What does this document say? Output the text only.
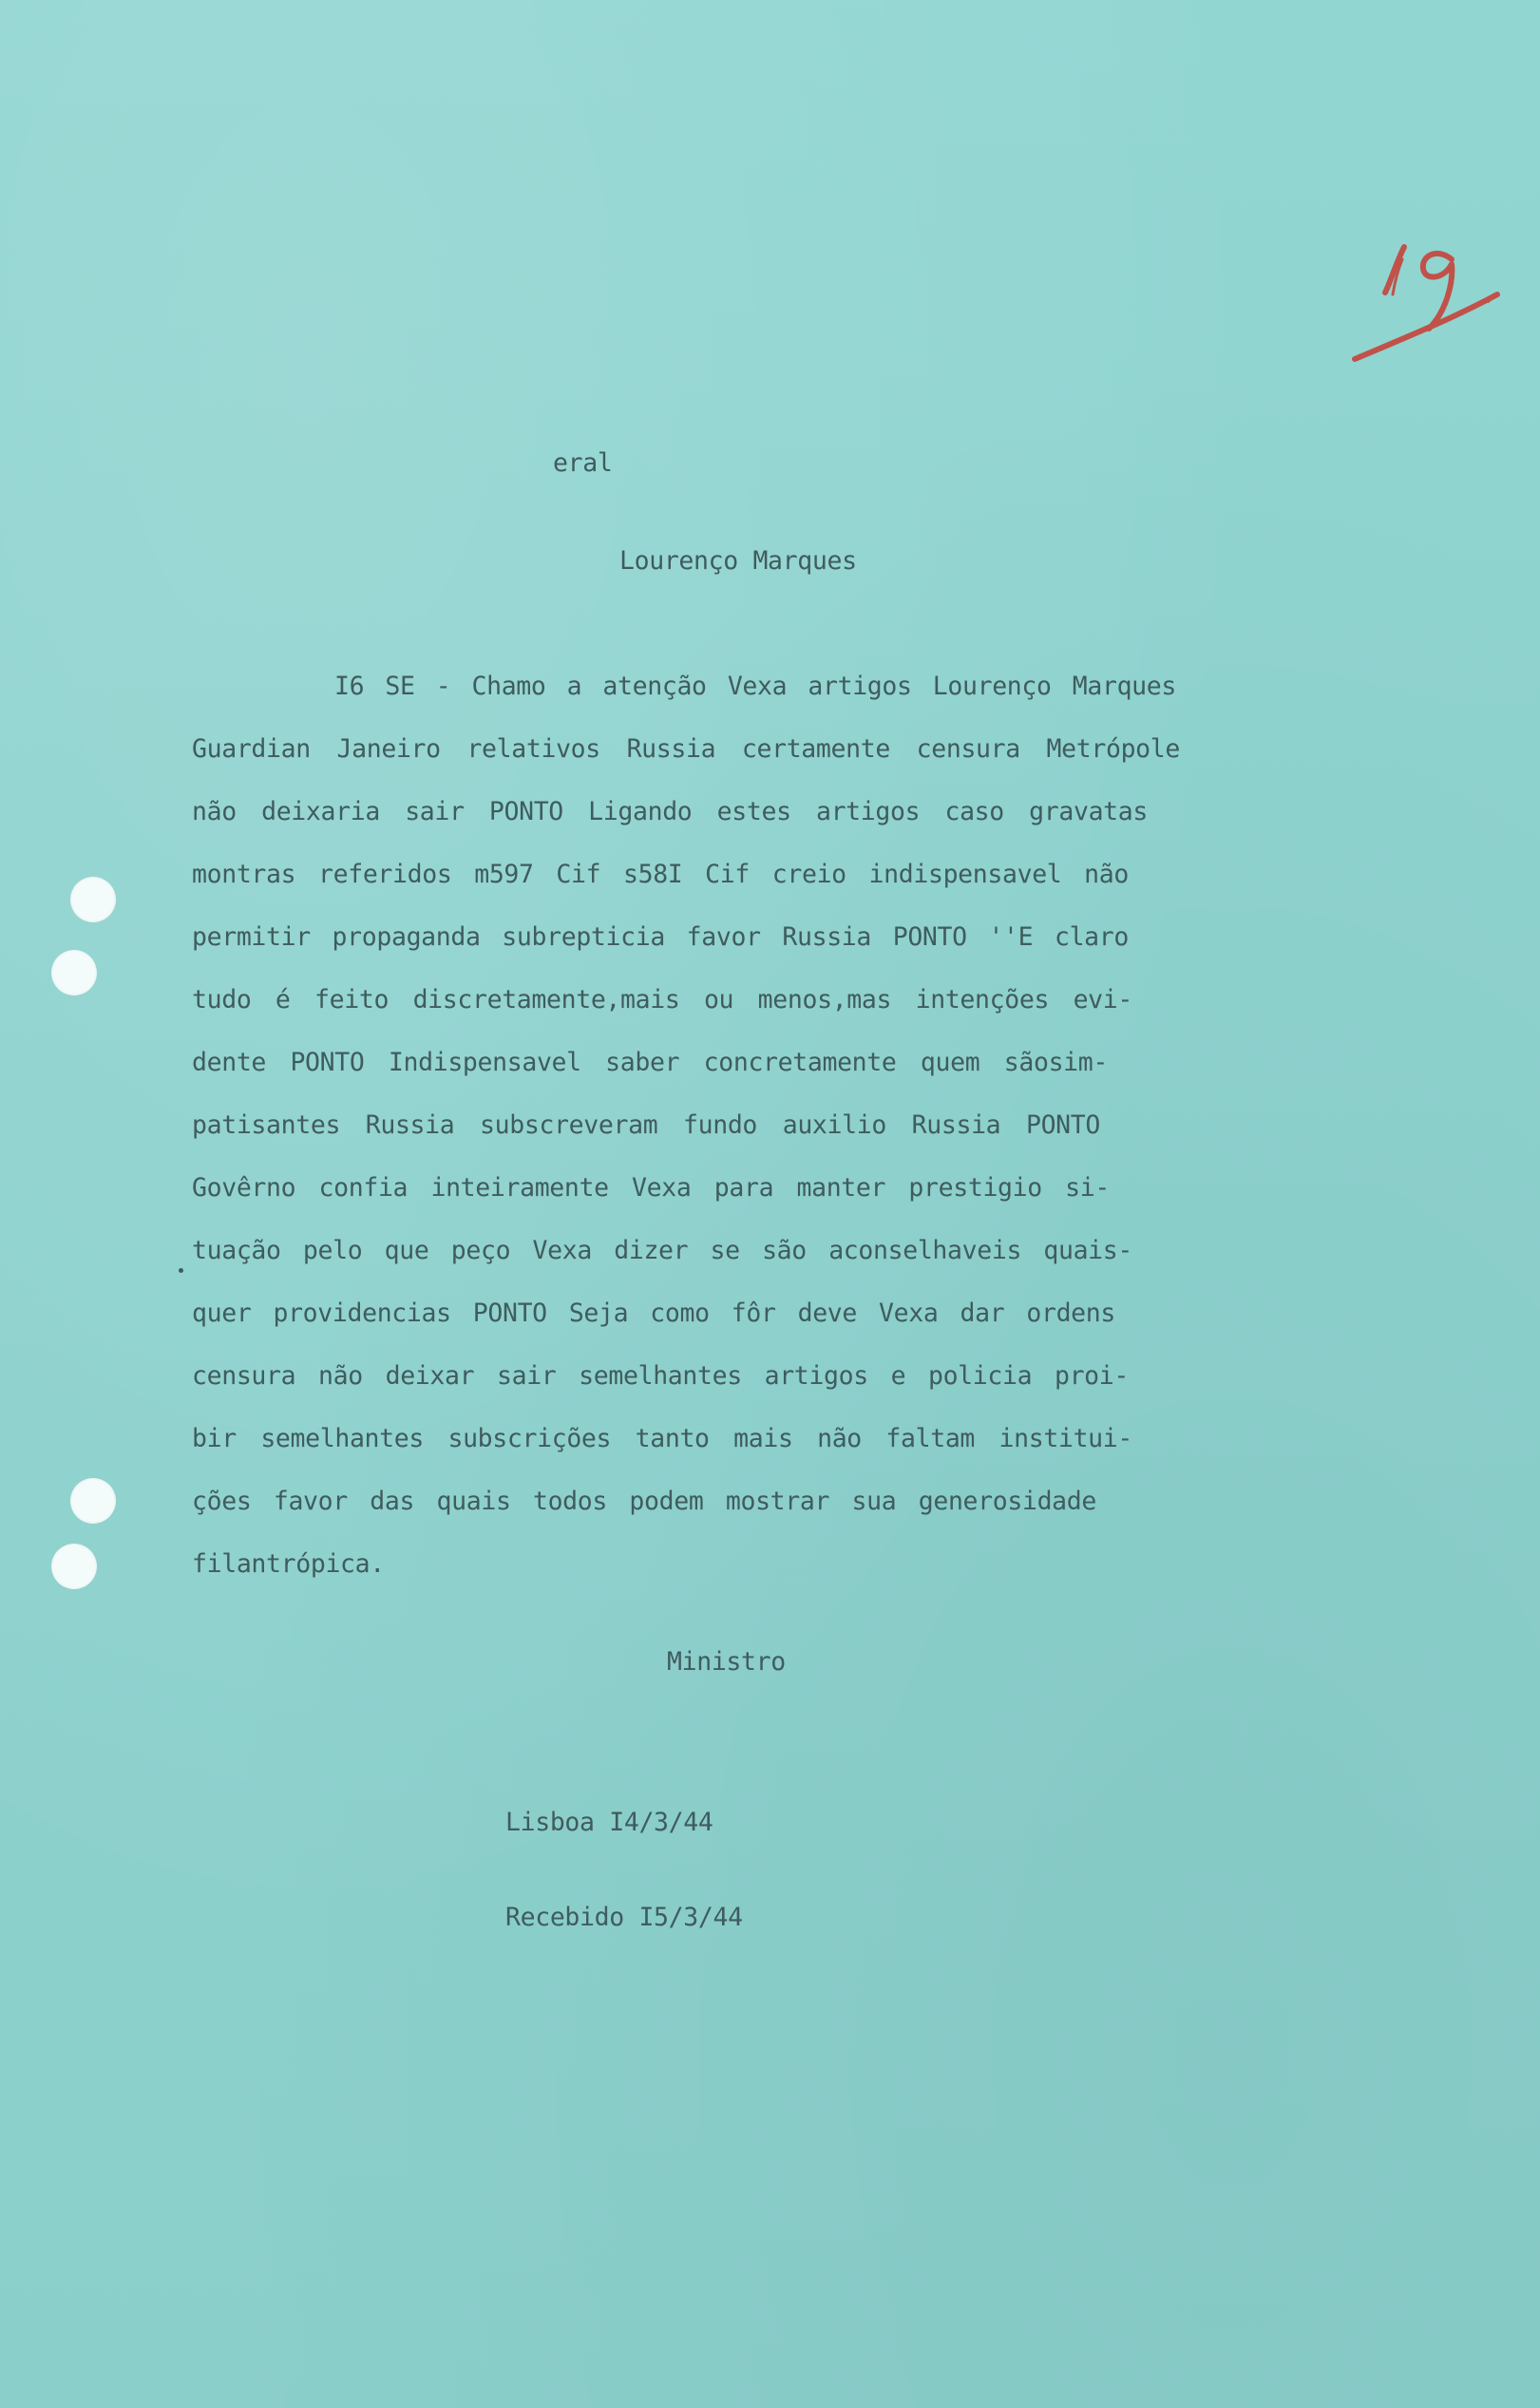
eral
Lourenço Marques
I6 SE - Chamo a atenção Vexa artigos Lourenço Marques
Guardian Janeiro relativos Russia certamente censura Metrópole
não deixaria sair PONTO Ligando estes artigos caso gravatas
montras referidos m597 Cif s58I Cif creio indispensavel não
permitir propaganda subrepticia favor Russia PONTO ''E claro
tudo é feito discretamente,mais ou menos,mas intenções evi-
dente PONTO Indispensavel saber concretamente quem sãosim-
patisantes Russia subscreveram fundo auxilio Russia PONTO
Govêrno confia inteiramente Vexa para manter prestigio si-
tuação pelo que peço Vexa dizer se são aconselhaveis quais-
quer providencias PONTO Seja como fôr deve Vexa dar ordens
censura não deixar sair semelhantes artigos e policia proi-
bir semelhantes subscrições tanto mais não faltam institui-
ções favor das quais todos podem mostrar sua generosidade
filantrópica.
Ministro
Lisboa I4/3/44
Recebido I5/3/44
